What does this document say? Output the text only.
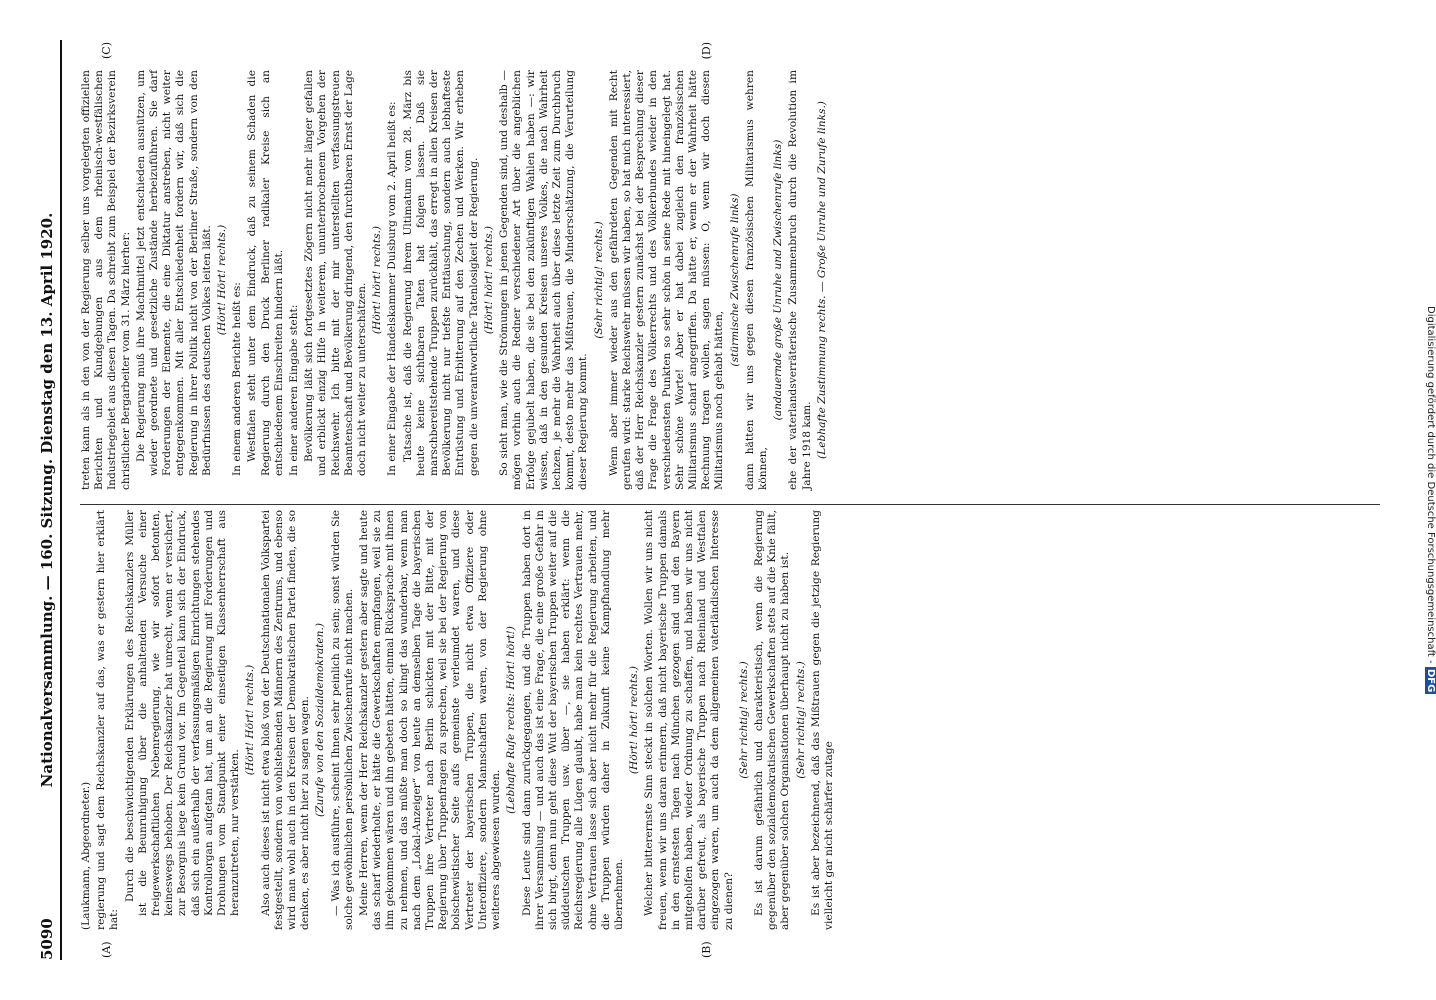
5090
Nationalversammlung. — 160. Sitzung. Dienstag den 13. April 1920.
(A)	(B)

(Laukmann, Abgeordneter.) regierung und sagt dem Reichskanzler auf das, was er gestern hier erklärt hat:

Durch die beschwichtigenden Erklärungen des Reichskanzlers Müller ist die Beunruhigung über die anhaltenden Versuche einer freigewerkschaftlichen Nebenregierung, wie wir sofort betonten, keineswegs behoben. Der Reichskanzler hat unrecht, wenn er versichert, zur Besorgnis liege kein Grund vor. Im Gegenteil kann sich der Eindruck, daß sich ein außerhalb der verfassungsmäßigen Einrichtungen stehendes Kontrollorgan aufgetan hat, um an die Regierung mit Forderungen und Drohungen vom Standpunkt einer einseitigen Klassenherrschaft aus heranzutreten, nur verstärken.

(Hört! Hört! rechts.) Also auch dieses ist nicht etwa bloß von der Deutschnationalen Volkspartei festgestellt, sondern von wohlstehenden Männern des Zentrums, und ebenso wird man wohl auch in den Kreisen der Demokratischen Partei finden, die so denken, es aber nicht hier zu sagen wagen. (Zurufe von den Sozialdemokraten.) — Was ich ausführe, scheint Ihnen sehr peinlich zu sein; sonst würden Sie solche gewöhnlichen persönlichen Zwischenrufe nicht machen. Meine Herren, wenn der Herr Reichskanzler gestern aber sagte und heute das scharf wiederholte, er hätte die Gewerkschaften empfangen, weil sie zu ihm gekommen wären und ihn gebeten hätten, einmal Rücksprache mit ihnen zu nehmen, und das müßte man doch so klingt das wunderbar, wenn man nach dem „Lokal-Anzeiger“ von heute an demselben Tage die bayerischen Truppen ihre Vertreter nach Berlin schickten mit der Bitte, mit der Regierung über Truppenfragen zu sprechen, weil sie bei der Regierung von bolschewistischer Seite aufs gemeinste verleumdet waren, und diese Vertreter der bayerischen Truppen, die nicht etwa Offiziere oder Unteroffiziere, sondern Mannschaften waren, von der Regierung ohne weiteres abgewiesen wurden.

(Lebhafte Rufe rechts: Hört! hört!) Diese Leute sind dann zurückgegangen, und die Truppen haben dort in ihrer Versammlung — und auch das ist eine Frage, die eine große Gefahr in sich birgt, denn nun geht diese Wut der bayerischen Truppen weiter auf die süddeutschen Truppen usw. über —, sie haben erklärt: wenn die Reichsregierung alle Lügen glaubt, habe man kein rechtes Vertrauen mehr, ohne Vertrauen lasse sich aber nicht mehr für die Regierung arbeiten, und die Truppen würden daher in Zukunft keine Kampfhandlung mehr übernehmen.

(Hört! hört! rechts.) Welcher bitterernste Sinn steckt in solchen Worten. Wollen wir uns nicht freuen, wenn wir uns daran erinnern, daß nicht bayerische Truppen damals in den ernstesten Tagen nach München gezogen sind und den Bayern mitgeholfen haben, wieder Ordnung zu schaffen, und haben wir uns nicht darüber gefreut, als bayerische Truppen nach Rheinland und Westfalen eingezogen waren, um auch da dem allgemeinen vaterländischen Interesse zu dienen?

(Sehr richtig! rechts.) Es ist darum gefährlich und charakteristisch, wenn die Regierung gegenüber den sozialdemokratischen Gewerkschaften stets auf die Knie fällt, aber gegenüber solchen Organisationen überhaupt nicht zu haben ist. (Sehr richtig! rechts.) Es ist aber bezeichnend, daß das Mißtrauen gegen die jetzige Regierung vielleicht gar nicht schärfer zutage

(C)	(D)

treten kann als in den von der Regierung selber uns vorgelegten offiziellen Berichten und Kundgebungen aus dem rheinisch-westfälischen Industriegebiet aus diesen Tagen. Da schreibt zum Beispiel der Bezirksverein christlicher Bergarbeiter vom 31. März hierher: Die Regierung muß ihre Machtmittel jetzt entschieden ausnützen, um wieder geordnete und gesetzliche Zustände herbeizuführen. Sie darf Forderungen der Elemente, die eine Diktatur anstreben, nicht weiter entgegenkommen. Mit aller Entschiedenheit fordern wir, daß sich die Regierung in ihrer Politik nicht von der Berliner Straße, sondern von den Bedürfnissen des deutschen Volkes leiten läßt. (Hört! Hört! rechts.)

In einem anderen Berichte heißt es: Westfalen steht unter dem Eindruck, daß zu seinem Schaden die Regierung durch den Druck Berliner radikaler Kreise sich an entschiedenem Einschreiten hindern läßt. In einer anderen Eingabe steht: Bevölkerung läßt sich fortgesetztes Zögern nicht mehr länger gefallen und erblickt einzig Hilfe in weiterem, ununterbrochenem Vorgehen der Reichswehr. Ich bitte mit der mir unterstellten verfassungstreuen Beamtenschaft und Bevölkerung dringend, den furchtbaren Ernst der Lage doch nicht weiter zu unterschätzen.

(Hört! hört! rechts.) In einer Eingabe der Handelskammer Duisburg vom 2. April heißt es: Tatsache ist, daß die Regierung ihrem Ultimatum vom 28. März bis heute keine sichtbaren Taten hat folgen lassen. Daß sie marschbereitstehende Truppen zurückhält, das erregt in allen Kreisen der Bevölkerung nicht nur tiefste Enttäuschung, sondern auch lebhafteste Entrüstung und Erbitterung auf den Zechen und Werken. Wir erheben gegen die unverantwortliche Tatenlosigkeit der Regierung. (Hört! hört! rechts.) So sieht man, wie die Strömungen in jenen Gegenden sind, und deshalb — mögen vorhin auch die Redner verschiedener Art über die angeblichen Erfolge gejubelt haben, die sie bei den zukünftigen Wahlen haben —: wir wissen, daß in den gesunden Kreisen unseres Volkes, die nach Wahrheit lechzen, je mehr die Wahrheit auch über diese letzte Zeit zum Durchbruch kommt, desto mehr das Mißtrauen, die Minderschätzung, die Verurteilung dieser Regierung kommt.

(Sehr richtig! rechts.) Wenn aber immer wieder aus den gefährdeten Gegenden mit Recht gerufen wird: starke Reichswehr müssen wir haben, so hat mich interessiert, daß der Herr Reichskanzler gestern zunächst bei der Besprechung dieser Frage die Frage des Völkerrechts und des Völkerbundes wieder in den verschiedensten Punkten so sehr schön in seine Rede mit hineingelegt hat. Sehr schöne Worte! Aber er hat dabei zugleich den französischen Militarismus scharf angegriffen. Da hätte er, wenn er der Wahrheit hätte Rechnung tragen wollen, sagen müssen: O, wenn wir doch diesen Militarismus noch gehabt hätten,

(stürmische Zwischenrufe links) dann hätten wir uns gegen diesen französischen Militarismus wehren können,

(andauernde große Unruhe und Zwischenrufe links) ehe der vaterlandsverräterische Zusammenbruch durch die Revolution im Jahre 1918 kam. (Lebhafte Zustimmung rechts. — Große Unruhe und Zurufe links.)

Digitalisierung gefördert durch die Deutsche Forschungsgemeinschaft - DFG
